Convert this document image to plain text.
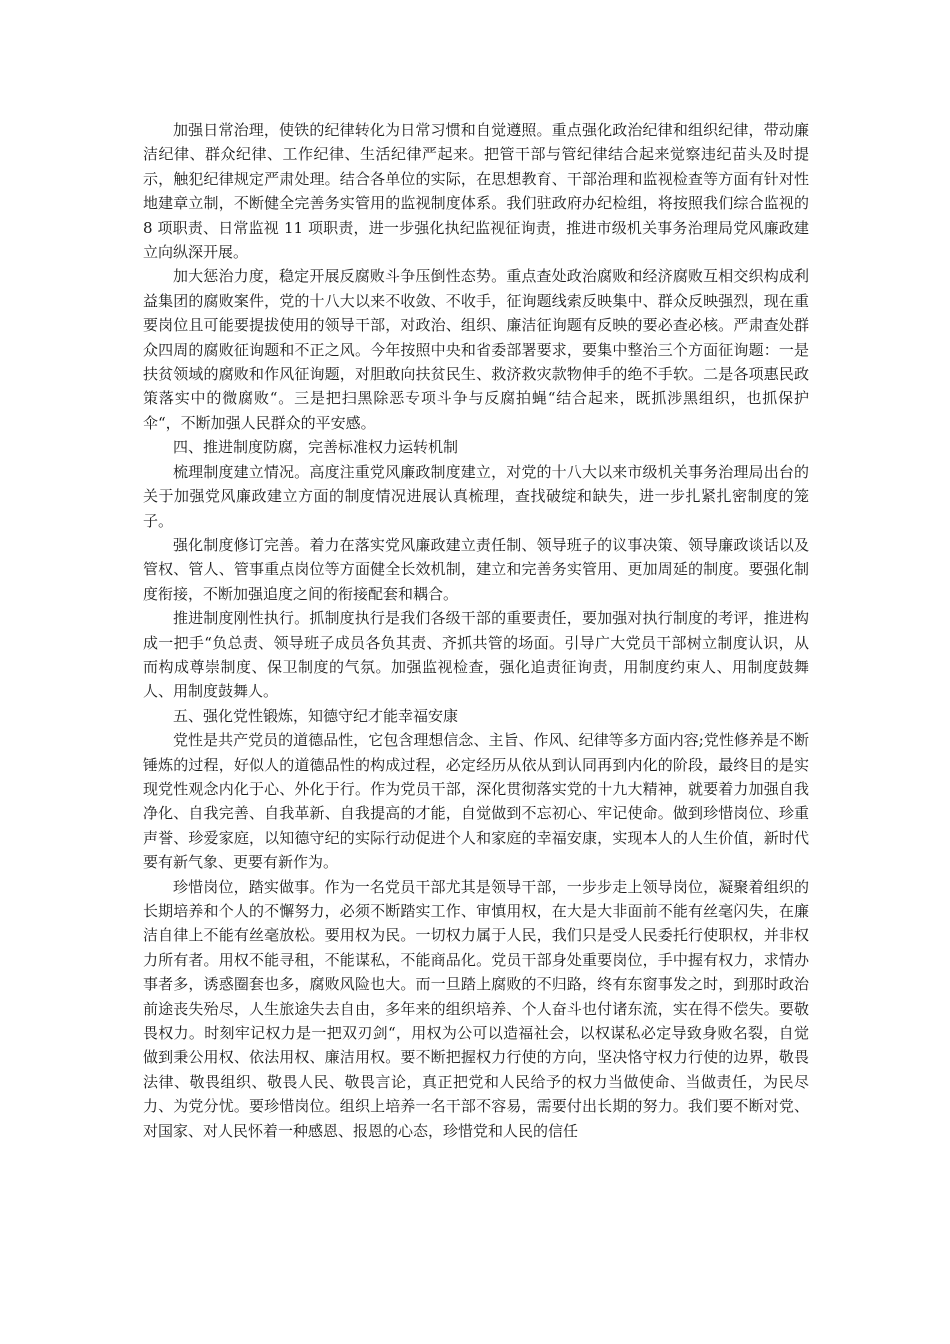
加强日常治理，使铁的纪律转化为日常习惯和自觉遵照。重点强化政治纪律和组织纪律，带动廉洁纪律、群众纪律、工作纪律、生活纪律严起来。把管干部与管纪律结合起来觉察违纪苗头及时提示，触犯纪律规定严肃处理。结合各单位的实际，在思想教育、干部治理和监视检查等方面有针对性地建章立制，不断健全完善务实管用的监视制度体系。我们驻政府办纪检组，将按照我们综合监视的 8 项职责、日常监视 11 项职责，进一步强化执纪监视征询责，推进市级机关事务治理局党风廉政建立向纵深开展。

加大惩治力度，稳定开展反腐败斗争压倒性态势。重点查处政治腐败和经济腐败互相交织构成利益集团的腐败案件，党的十八大以来不收敛、不收手，征询题线索反映集中、群众反映强烈，现在重要岗位且可能要提拔使用的领导干部，对政治、组织、廉洁征询题有反映的要必查必核。严肃查处群众四周的腐败征询题和不正之风。今年按照中央和省委部署要求，要集中整治三个方面征询题：一是扶贫领域的腐败和作风征询题，对胆敢向扶贫民生、救济救灾款物伸手的绝不手软。二是各项惠民政策落实中的微腐败“。三是把扫黑除恶专项斗争与反腐拍蝇“结合起来，既抓涉黑组织，也抓保护伞“，不断加强人民群众的平安感。

四、推进制度防腐，完善标准权力运转机制

梳理制度建立情况。高度注重党风廉政制度建立，对党的十八大以来市级机关事务治理局出台的关于加强党风廉政建立方面的制度情况进展认真梳理，查找破绽和缺失，进一步扎紧扎密制度的笼子。

强化制度修订完善。着力在落实党风廉政建立责任制、领导班子的议事决策、领导廉政谈话以及管权、管人、管事重点岗位等方面健全长效机制，建立和完善务实管用、更加周延的制度。要强化制度衔接，不断加强追度之间的衔接配套和耦合。

推进制度刚性执行。抓制度执行是我们各级干部的重要责任，要加强对执行制度的考评，推进构成一把手“负总责、领导班子成员各负其责、齐抓共管的场面。引导广大党员干部树立制度认识，从而构成尊崇制度、保卫制度的气氛。加强监视检查，强化追责征询责，用制度约束人、用制度鼓舞人、用制度鼓舞人。

五、强化党性锻炼，知德守纪才能幸福安康

党性是共产党员的道德品性，它包含理想信念、主旨、作风、纪律等多方面内容;党性修养是不断锤炼的过程，好似人的道德品性的构成过程，必定经历从依从到认同再到内化的阶段，最终目的是实现党性观念内化于心、外化于行。作为党员干部，深化贯彻落实党的十九大精神，就要着力加强自我净化、自我完善、自我革新、自我提高的才能，自觉做到不忘初心、牢记使命。做到珍惜岗位、珍重声誉、珍爱家庭，以知德守纪的实际行动促进个人和家庭的幸福安康，实现本人的人生价值，新时代要有新气象、更要有新作为。

珍惜岗位，踏实做事。作为一名党员干部尤其是领导干部，一步步走上领导岗位，凝聚着组织的长期培养和个人的不懈努力，必须不断踏实工作、审慎用权，在大是大非面前不能有丝毫闪失，在廉洁自律上不能有丝毫放松。要用权为民。一切权力属于人民，我们只是受人民委托行使职权，并非权力所有者。用权不能寻租，不能谋私，不能商品化。党员干部身处重要岗位，手中握有权力，求情办事者多，诱惑圈套也多，腐败风险也大。而一旦踏上腐败的不归路，终有东窗事发之时，到那时政治前途丧失殆尽，人生旅途失去自由，多年来的组织培养、个人奋斗也付诸东流，实在得不偿失。要敬畏权力。时刻牢记权力是一把双刃剑“，用权为公可以造福社会，以权谋私必定导致身败名裂，自觉做到秉公用权、依法用权、廉洁用权。要不断把握权力行使的方向，坚决恪守权力行使的边界，敬畏法律、敬畏组织、敬畏人民、敬畏言论，真正把党和人民给予的权力当做使命、当做责任，为民尽力、为党分忧。要珍惜岗位。组织上培养一名干部不容易，需要付出长期的努力。我们要不断对党、对国家、对人民怀着一种感恩、报恩的心态，珍惜党和人民的信任
